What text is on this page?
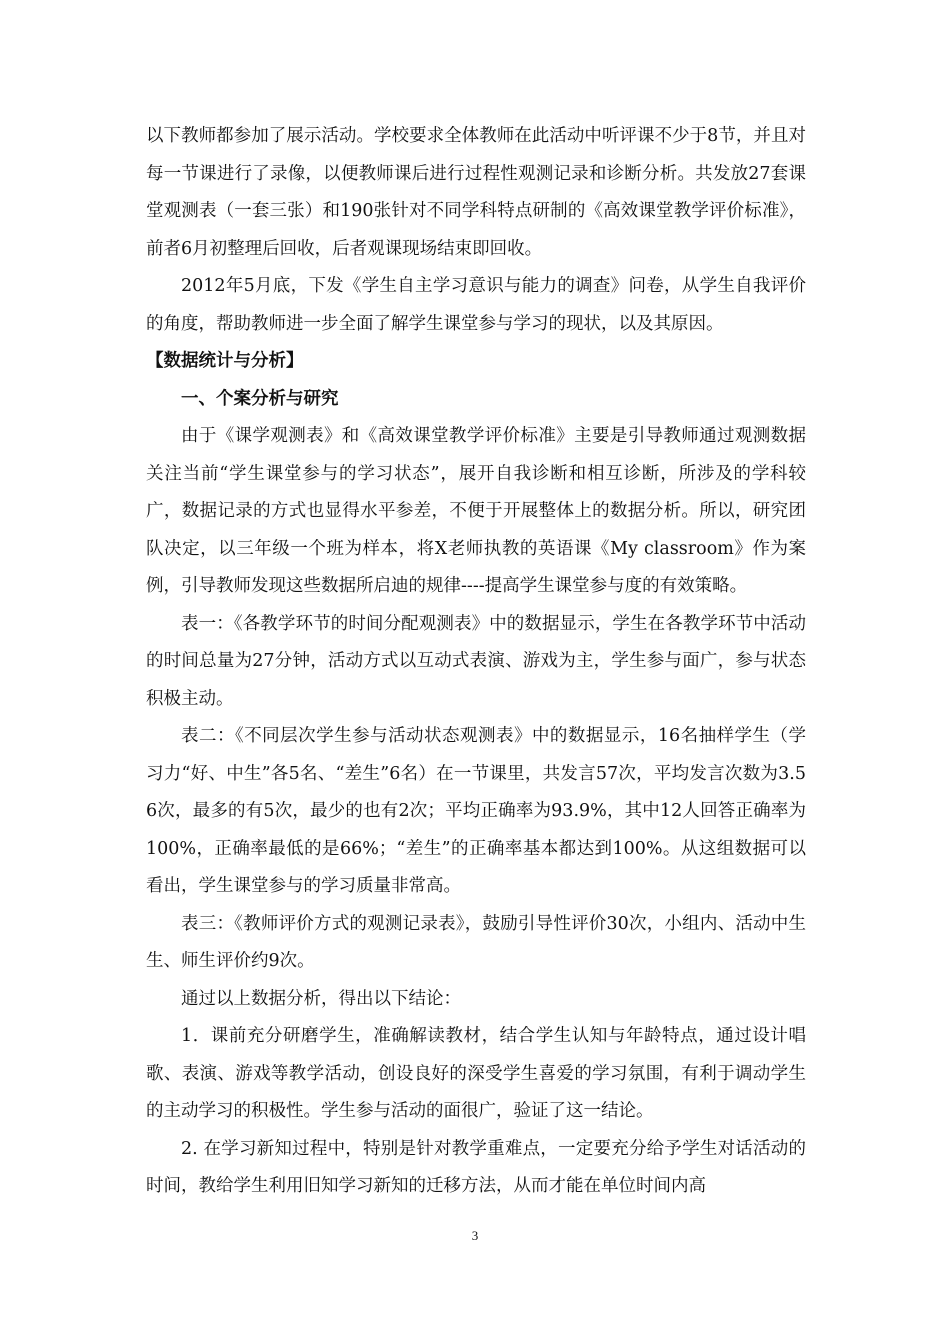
以下教师都参加了展示活动。学校要求全体教师在此活动中听评课不少于8节，并且对每一节课进行了录像，以便教师课后进行过程性观测记录和诊断分析。共发放27套课堂观测表（一套三张）和190张针对不同学科特点研制的《高效课堂教学评价标准》，前者6月初整理后回收，后者观课现场结束即回收。

2012年5月底，下发《学生自主学习意识与能力的调查》问卷，从学生自我评价的角度，帮助教师进一步全面了解学生课堂参与学习的现状，以及其原因。

【数据统计与分析】

一、个案分析与研究

由于《课学观测表》和《高效课堂教学评价标准》主要是引导教师通过观测数据关注当前“学生课堂参与的学习状态”，展开自我诊断和相互诊断，所涉及的学科较广，数据记录的方式也显得水平参差，不便于开展整体上的数据分析。所以，研究团队决定，以三年级一个班为样本，将X老师执教的英语课《My classroom》作为案例，引导教师发现这些数据所启迪的规律----提高学生课堂参与度的有效策略。

表一：《各教学环节的时间分配观测表》中的数据显示，学生在各教学环节中活动的时间总量为27分钟，活动方式以互动式表演、游戏为主，学生参与面广，参与状态积极主动。

表二：《不同层次学生参与活动状态观测表》中的数据显示，16名抽样学生（学习力“好、中生”各5名、“差生”6名）在一节课里，共发言57次，平均发言次数为3.56次，最多的有5次，最少的也有2次；平均正确率为93.9%，其中12人回答正确率为100%，正确率最低的是66%；“差生”的正确率基本都达到100%。从这组数据可以看出，学生课堂参与的学习质量非常高。

表三：《教师评价方式的观测记录表》，鼓励引导性评价30次，小组内、活动中生生、师生评价约9次。

通过以上数据分析，得出以下结论：

1．课前充分研磨学生，准确解读教材，结合学生认知与年龄特点，通过设计唱歌、表演、游戏等教学活动，创设良好的深受学生喜爱的学习氛围，有利于调动学生的主动学习的积极性。学生参与活动的面很广，验证了这一结论。

2. 在学习新知过程中，特别是针对教学重难点，一定要充分给予学生对话活动的时间，教给学生利用旧知学习新知的迁移方法，从而才能在单位时间内高

3
